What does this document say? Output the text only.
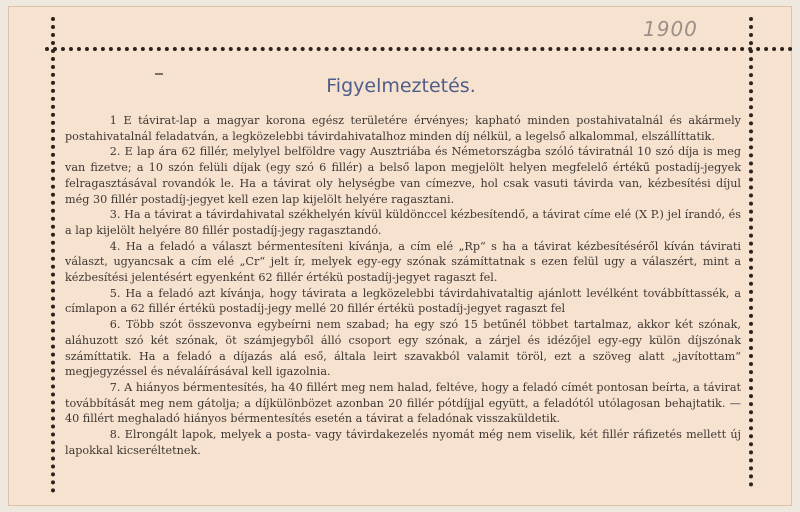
1900
Figyelmeztetés.

1 E távirat-lap a magyar korona egész területére érvényes; kapható minden postahivatalnál és akármely postahivatalnál feladatván, a legközelebbi távirdahivatalhoz minden díj nélkül, a legelső alkalommal, elszállíttatik.

2. E lap ára 62 fillér, melylyel belföldre vagy Ausztriába és Németországba szóló táviratnál 10 szó díja is meg van fizetve; a 10 szón felüli díjak (egy szó 6 fillér) a belső lapon megjelölt helyen megfelelő értékű postadíj-jegyek felragasztásával rovandók le. Ha a távirat oly helységbe van címezve, hol csak vasuti távirda van, kézbesítési díjul még 30 fillér postadíj-jegyet kell ezen lap kijelölt helyére ragasztani.

3. Ha a távirat a távirdahivatal székhelyén kívül küldönccel kézbesítendő, a távirat címe elé (X P.) jel írandó, és a lap kijelölt helyére 80 fillér postadíj-jegy ragasztandó.

4. Ha a feladó a választ bérmentesíteni kívánja, a cím elé „Rp“ s ha a távirat kézbesítéséről kíván távirati választ, ugyancsak a cím elé „Cr“ jelt ír, melyek egy-egy szónak számíttatnak s ezen felül ugy a válaszért, mint a kézbesítési jelentésért egyenként 62 fillér értékü postadíj-jegyet ragaszt fel.

5. Ha a feladó azt kívánja, hogy távirata a legközelebbi távirdahivataltig ajánlott levélként továbbíttassék, a címlapon a 62 fillér értékü postadíj-jegy mellé 20 fillér értékü postadíj-jegyet ragaszt fel

6. Több szót összevonva egybeírni nem szabad; ha egy szó 15 betűnél többet tartalmaz, akkor két szónak, aláhuzott szó két szónak, öt számjegyből álló csoport egy szónak, a zárjel és idézőjel egy-egy külön díjszónak számíttatik. Ha a feladó a díjazás alá eső, általa leirt szavakból valamit töröl, ezt a szöveg alatt „javítottam“ megjegyzéssel és névaláírásával kell igazolnia.

7. A hiányos bérmentesítés, ha 40 fillért meg nem halad, feltéve, hogy a feladó címét pontosan beírta, a távirat továbbítását meg nem gátolja; a díjkülönbözet azonban 20 fillér pótdíjjal együtt, a feladótól utólagosan behajtatik. — 40 fillért meghaladó hiányos bérmentesítés esetén a távirat a feladónak visszaküldetik.

8. Elrongált lapok, melyek a posta- vagy távirdakezelés nyomát még nem viselik, két fillér ráfizetés mellett új lapokkal kicseréltetnek.
